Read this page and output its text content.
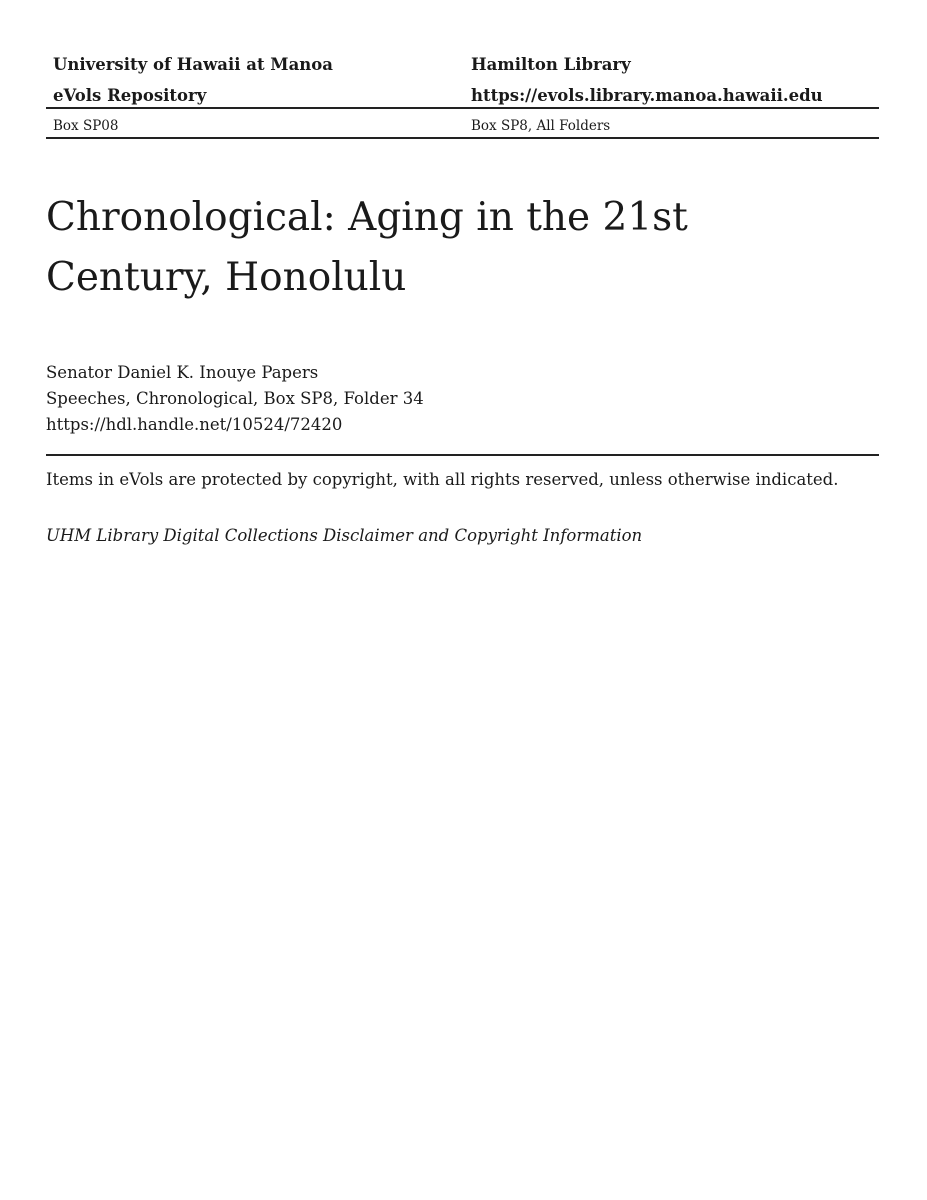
University of Hawaii at Manoa	Hamilton Library
eVols Repository	https://evols.library.manoa.hawaii.edu
Box SP08	Box SP8, All Folders
Chronological: Aging in the 21st Century, Honolulu
Senator Daniel K. Inouye Papers
Speeches, Chronological, Box SP8, Folder 34
https://hdl.handle.net/10524/72420
Items in eVols are protected by copyright, with all rights reserved, unless otherwise indicated.
UHM Library Digital Collections Disclaimer and Copyright Information
